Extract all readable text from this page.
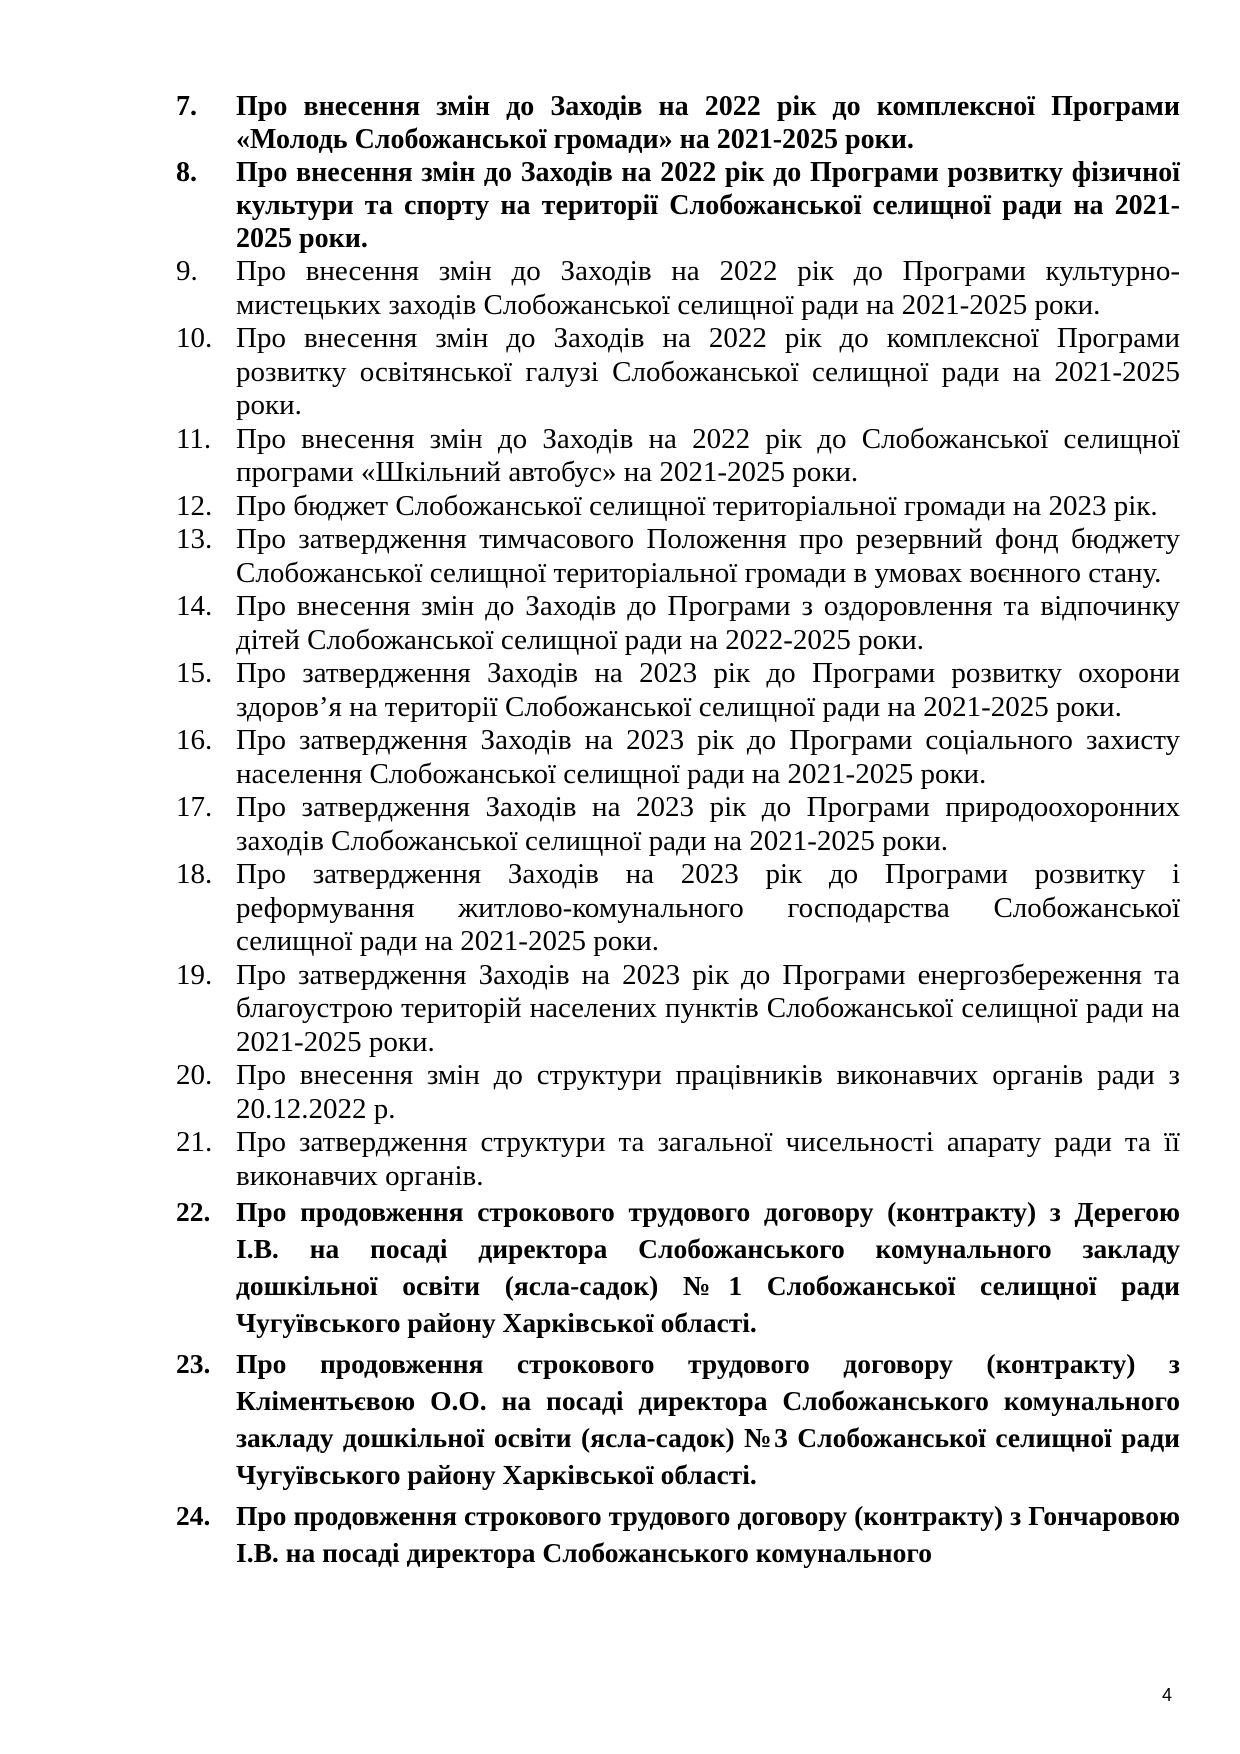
7.	Про внесення змін до Заходів на 2022 рік до комплексної Програми «Молодь Слобожанської громади» на 2021-2025 роки.
8.	Про внесення змін до Заходів на 2022 рік до Програми розвитку фізичної культури та спорту на території Слобожанської селищної ради на 2021-2025 роки.
9.	Про внесення змін до Заходів на 2022 рік до Програми культурно-мистецьких заходів Слобожанської селищної ради на 2021-2025 роки.
10. Про внесення змін до Заходів на 2022 рік до комплексної Програми розвитку освітянської галузі Слобожанської селищної ради на 2021-2025 роки.
11. Про внесення змін до Заходів на 2022 рік до Слобожанської селищної програми «Шкільний автобус» на 2021-2025 роки.
12. Про бюджет Слобожанської селищної територіальної громади на 2023 рік.
13. Про затвердження тимчасового Положення про резервний фонд бюджету Слобожанської селищної територіальної громади в умовах воєнного стану.
14. Про внесення змін до Заходів до Програми з оздоровлення та відпочинку дітей Слобожанської селищної ради на 2022-2025 роки.
15. Про затвердження Заходів на 2023 рік до Програми розвитку охорони здоров’я на території Слобожанської селищної ради на 2021-2025 роки.
16. Про затвердження Заходів на 2023 рік до Програми соціального захисту населення Слобожанської селищної ради на 2021-2025 роки.
17. Про затвердження Заходів на 2023 рік до Програми природоохоронних заходів Слобожанської селищної ради на 2021-2025 роки.
18. Про затвердження Заходів на 2023 рік до Програми розвитку і реформування житлово-комунального господарства Слобожанської селищної ради на 2021-2025 роки.
19. Про затвердження Заходів на 2023 рік до Програми енергозбереження та благоустрою територій населених пунктів Слобожанської селищної ради на 2021-2025 роки.
20. Про внесення змін до структури працівників виконавчих органів ради з 20.12.2022 р.
21. Про затвердження структури та загальної чисельності апарату ради та її виконавчих органів.
22. Про продовження строкового трудового договору (контракту) з Дерегою І.В. на посаді директора Слобожанського комунального закладу дошкільної освіти (ясла-садок) №1 Слобожанської селищної ради Чугуївського району Харківської області.
23. Про продовження строкового трудового договору (контракту) з Кліментьєвою О.О. на посаді директора Слобожанського комунального закладу дошкільної освіти (ясла-садок) №3 Слобожанської селищної ради Чугуївського району Харківської області.
24. Про продовження строкового трудового договору (контракту) з Гончаровою І.В. на посаді директора Слобожанського комунального
4
